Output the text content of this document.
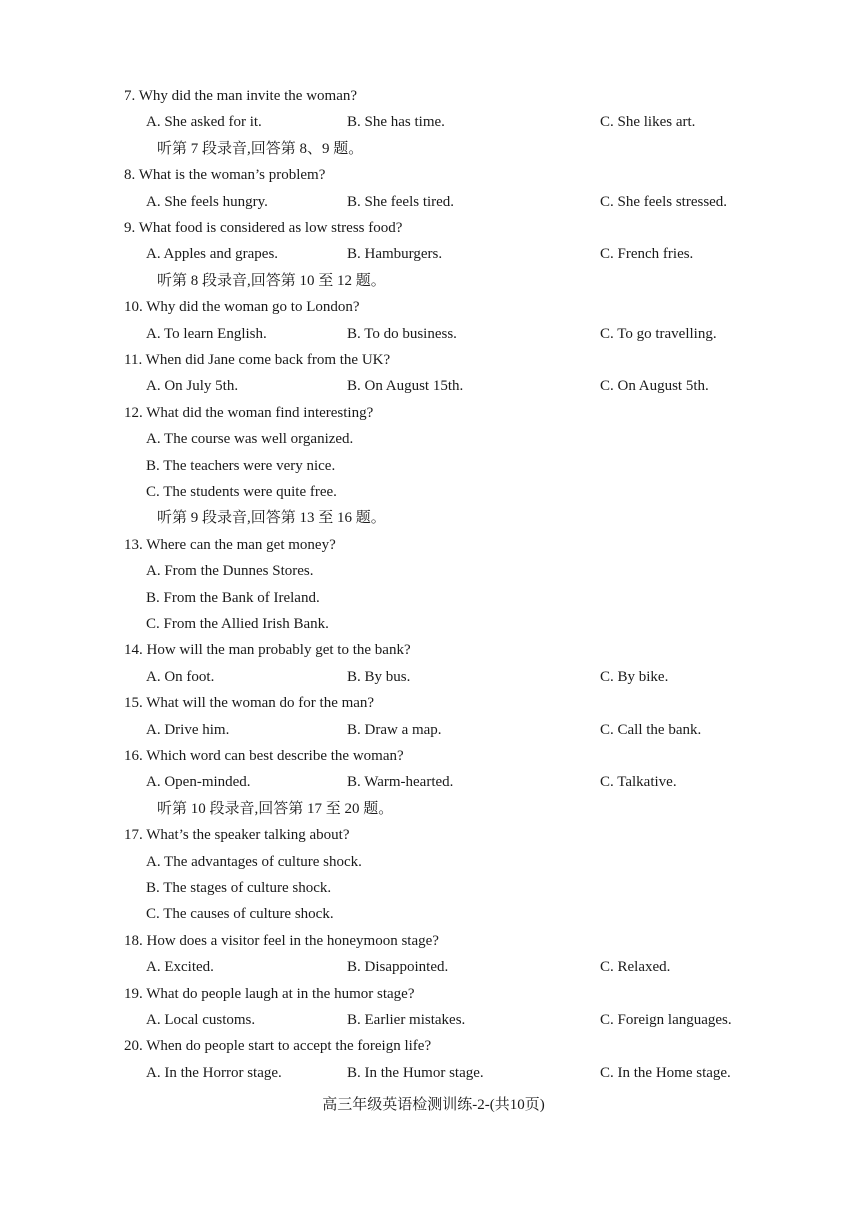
高三年级英语检测训练-2-(共10页)
7. Why did the man invite the woman?
A. She asked for it.	B. She has time.	C. She likes art.
听第 7 段录音,回答第 8、9 题。
8. What is the woman’s problem?
A. She feels hungry.	B. She feels tired.	C. She feels stressed.
9. What food is considered as low stress food?
A. Apples and grapes.	B. Hamburgers.	C. French fries.
听第 8 段录音,回答第 10 至 12 题。
10. Why did the woman go to London?
A. To learn English.	B. To do business.	C. To go travelling.
11. When did Jane come back from the UK?
A. On July 5th.	B. On August 15th.	C. On August 5th.
12. What did the woman find interesting?
A. The course was well organized.
B. The teachers were very nice.
C. The students were quite free.
听第 9 段录音,回答第 13 至 16 题。
13. Where can the man get money?
A. From the Dunnes Stores.
B. From the Bank of Ireland.
C. From the Allied Irish Bank.
14. How will the man probably get to the bank?
A. On foot.	B. By bus.	C. By bike.
15. What will the woman do for the man?
A. Drive him.	B. Draw a map.	C. Call the bank.
16. Which word can best describe the woman?
A. Open-minded.	B. Warm-hearted.	C. Talkative.
听第 10 段录音,回答第 17 至 20 题。
17. What’s the speaker talking about?
A. The advantages of culture shock.
B. The stages of culture shock.
C. The causes of culture shock.
18. How does a visitor feel in the honeymoon stage?
A. Excited.	B. Disappointed.	C. Relaxed.
19. What do people laugh at in the humor stage?
A. Local customs.	B. Earlier mistakes.	C. Foreign languages.
20. When do people start to accept the foreign life?
A. In the Horror stage.	B. In the Humor stage.	C. In the Home stage.
